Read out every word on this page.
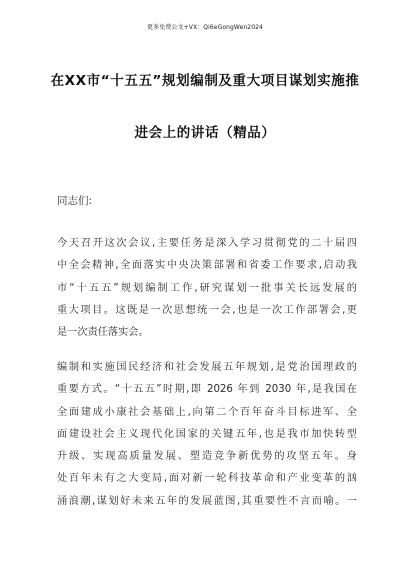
更多免费公文+VX：Qi6eGongWen2024
在XX市“十五五”规划编制及重大项目谋划实施推
进会上的讲话（精品）
同志们:
今天召开这次会议,主要任务是深入学习贯彻党的二十届四
中全会精神,全面落实中央决策部署和省委工作要求,启动我
市“十五五”规划编制工作,研究谋划一批事关长远发展的
重大项目。这既是一次思想统一会,也是一次工作部署会,更
是一次责任落实会。
编制和实施国民经济和社会发展五年规划,是党治国理政的
重要方式。“十五五”时期,即 2026 年到 2030 年,是我国在
全面建成小康社会基础上,向第二个百年奋斗目标进军、全
面建设社会主义现代化国家的关键五年,也是我市加快转型
升级、实现高质量发展、塑造竞争新优势的攻坚五年。身
处百年未有之大变局,面对新一轮科技革命和产业变革的汹
涌浪潮,谋划好未来五年的发展蓝图,其重要性不言而喻。一
